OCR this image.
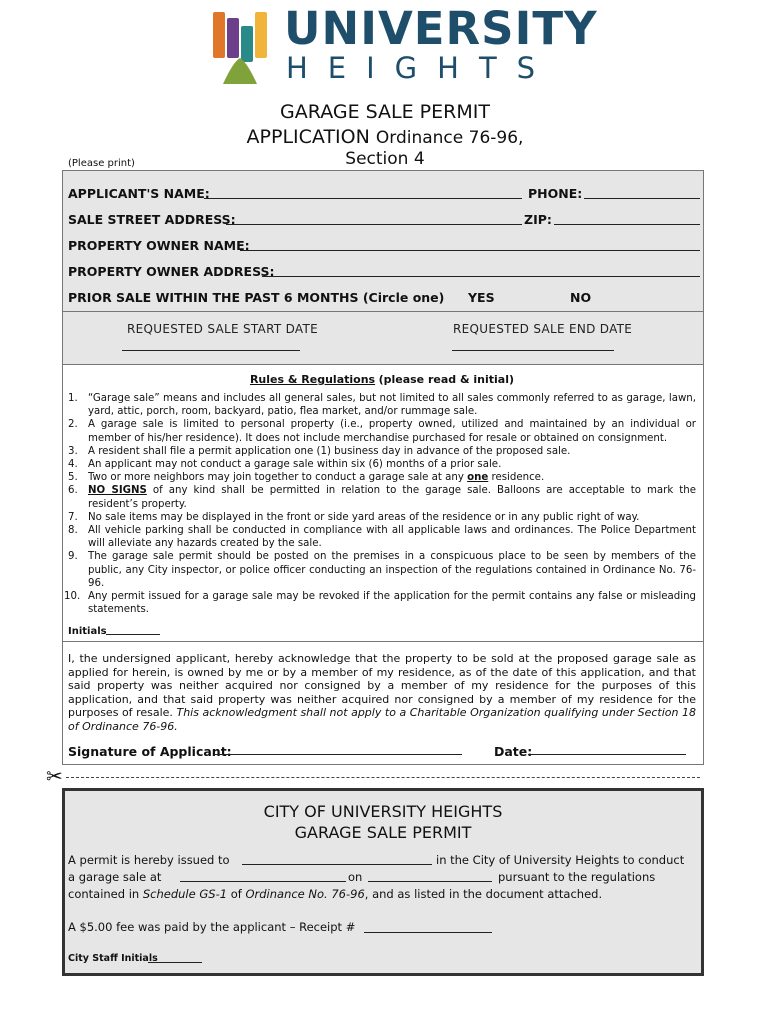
UNIVERSITY
HEIGHTS
GARAGE SALE PERMIT
APPLICATION Ordinance 76-96,
Section 4
(Please print)
APPLICANT'S NAME:	PHONE:
SALE STREET ADDRESS:	ZIP:
PROPERTY OWNER NAME:
PROPERTY OWNER ADDRESS:
PRIOR SALE WITHIN THE PAST 6 MONTHS (Circle one) YES	NO
REQUESTED SALE START DATE	REQUESTED SALE END DATE
Rules & Regulations (please read & initial)
1. “Garage sale” means and includes all general sales, but not limited to all sales commonly referred to as garage, lawn, yard, attic, porch, room, backyard, patio, flea market, and/or rummage sale.
2. A garage sale is limited to personal property (i.e., property owned, utilized and maintained by an individual or member of his/her residence). It does not include merchandise purchased for resale or obtained on consignment.
3. A resident shall file a permit application one (1) business day in advance of the proposed sale.
4. An applicant may not conduct a garage sale within six (6) months of a prior sale.
5. Two or more neighbors may join together to conduct a garage sale at any one residence.
6. NO SIGNS of any kind shall be permitted in relation to the garage sale. Balloons are acceptable to mark the resident’s property.
7. No sale items may be displayed in the front or side yard areas of the residence or in any public right of way.
8. All vehicle parking shall be conducted in compliance with all applicable laws and ordinances. The Police Department will alleviate any hazards created by the sale.
9. The garage sale permit should be posted on the premises in a conspicuous place to be seen by members of the public, any City inspector, or police officer conducting an inspection of the regulations contained in Ordinance No. 76-96.
10. Any permit issued for a garage sale may be revoked if the application for the permit contains any false or misleading statements.
Initials
I, the undersigned applicant, hereby acknowledge that the property to be sold at the proposed garage sale as applied for herein, is owned by me or by a member of my residence, as of the date of this application, and that said property was neither acquired nor consigned by a member of my residence for the purposes of this application, and that said property was neither acquired nor consigned by a member of my residence for the purposes of resale. This acknowledgment shall not apply to a Charitable Organization qualifying under Section 18 of Ordinance 76-96.
Signature of Applicant:	Date:
✂
CITY OF UNIVERSITY HEIGHTS
GARAGE SALE PERMIT
A permit is hereby issued to	in the City of University Heights to conduct
a garage sale at	on	pursuant to the regulations
contained in Schedule GS-1 of Ordinance No. 76-96, and as listed in the document attached.
A $5.00 fee was paid by the applicant – Receipt #
City Staff Initials
